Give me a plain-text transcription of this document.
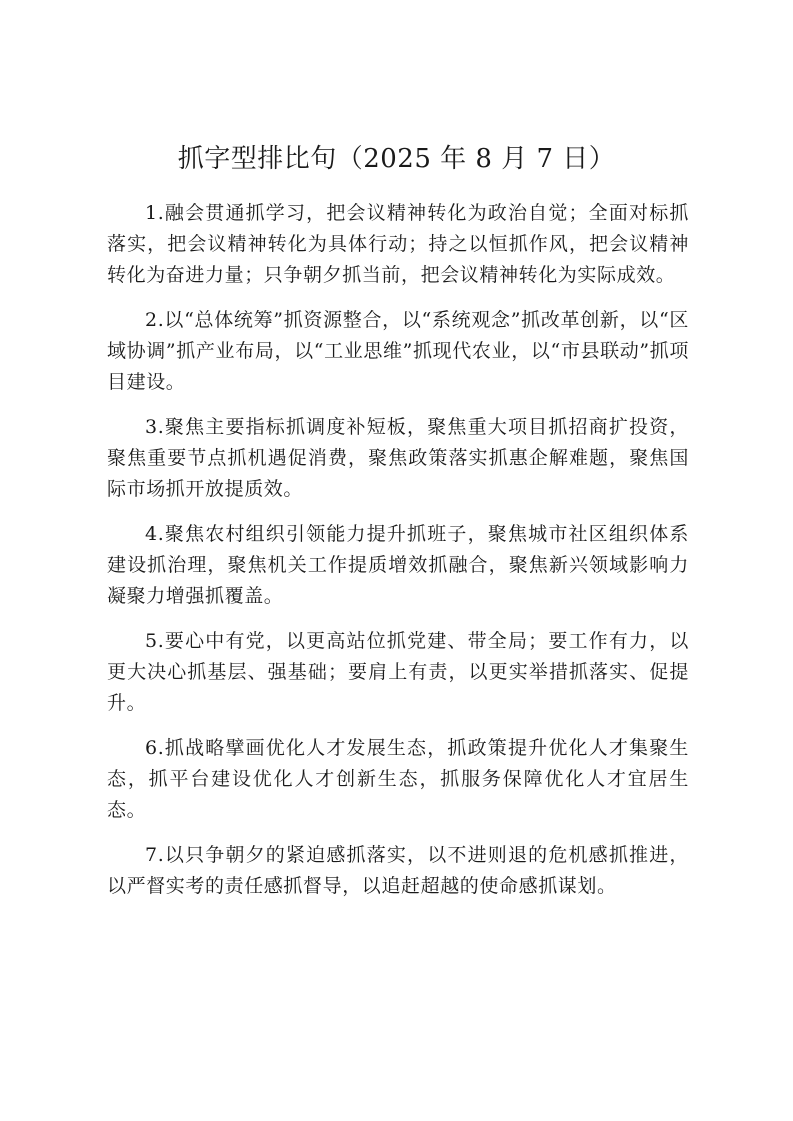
抓字型排比句（2025 年 8 月 7 日）

1.融会贯通抓学习，把会议精神转化为政治自觉；全面对标抓落实，把会议精神转化为具体行动；持之以恒抓作风，把会议精神转化为奋进力量；只争朝夕抓当前，把会议精神转化为实际成效。

2.以“总体统筹”抓资源整合，以“系统观念”抓改革创新，以“区域协调”抓产业布局，以“工业思维”抓现代农业，以“市县联动”抓项目建设。

3.聚焦主要指标抓调度补短板，聚焦重大项目抓招商扩投资，聚焦重要节点抓机遇促消费，聚焦政策落实抓惠企解难题，聚焦国际市场抓开放提质效。

4.聚焦农村组织引领能力提升抓班子，聚焦城市社区组织体系建设抓治理，聚焦机关工作提质增效抓融合，聚焦新兴领域影响力凝聚力增强抓覆盖。

5.要心中有党，以更高站位抓党建、带全局；要工作有力，以更大决心抓基层、强基础；要肩上有责，以更实举措抓落实、促提升。

6.抓战略擘画优化人才发展生态，抓政策提升优化人才集聚生态，抓平台建设优化人才创新生态，抓服务保障优化人才宜居生态。

7.以只争朝夕的紧迫感抓落实，以不进则退的危机感抓推进，以严督实考的责任感抓督导，以追赶超越的使命感抓谋划。
